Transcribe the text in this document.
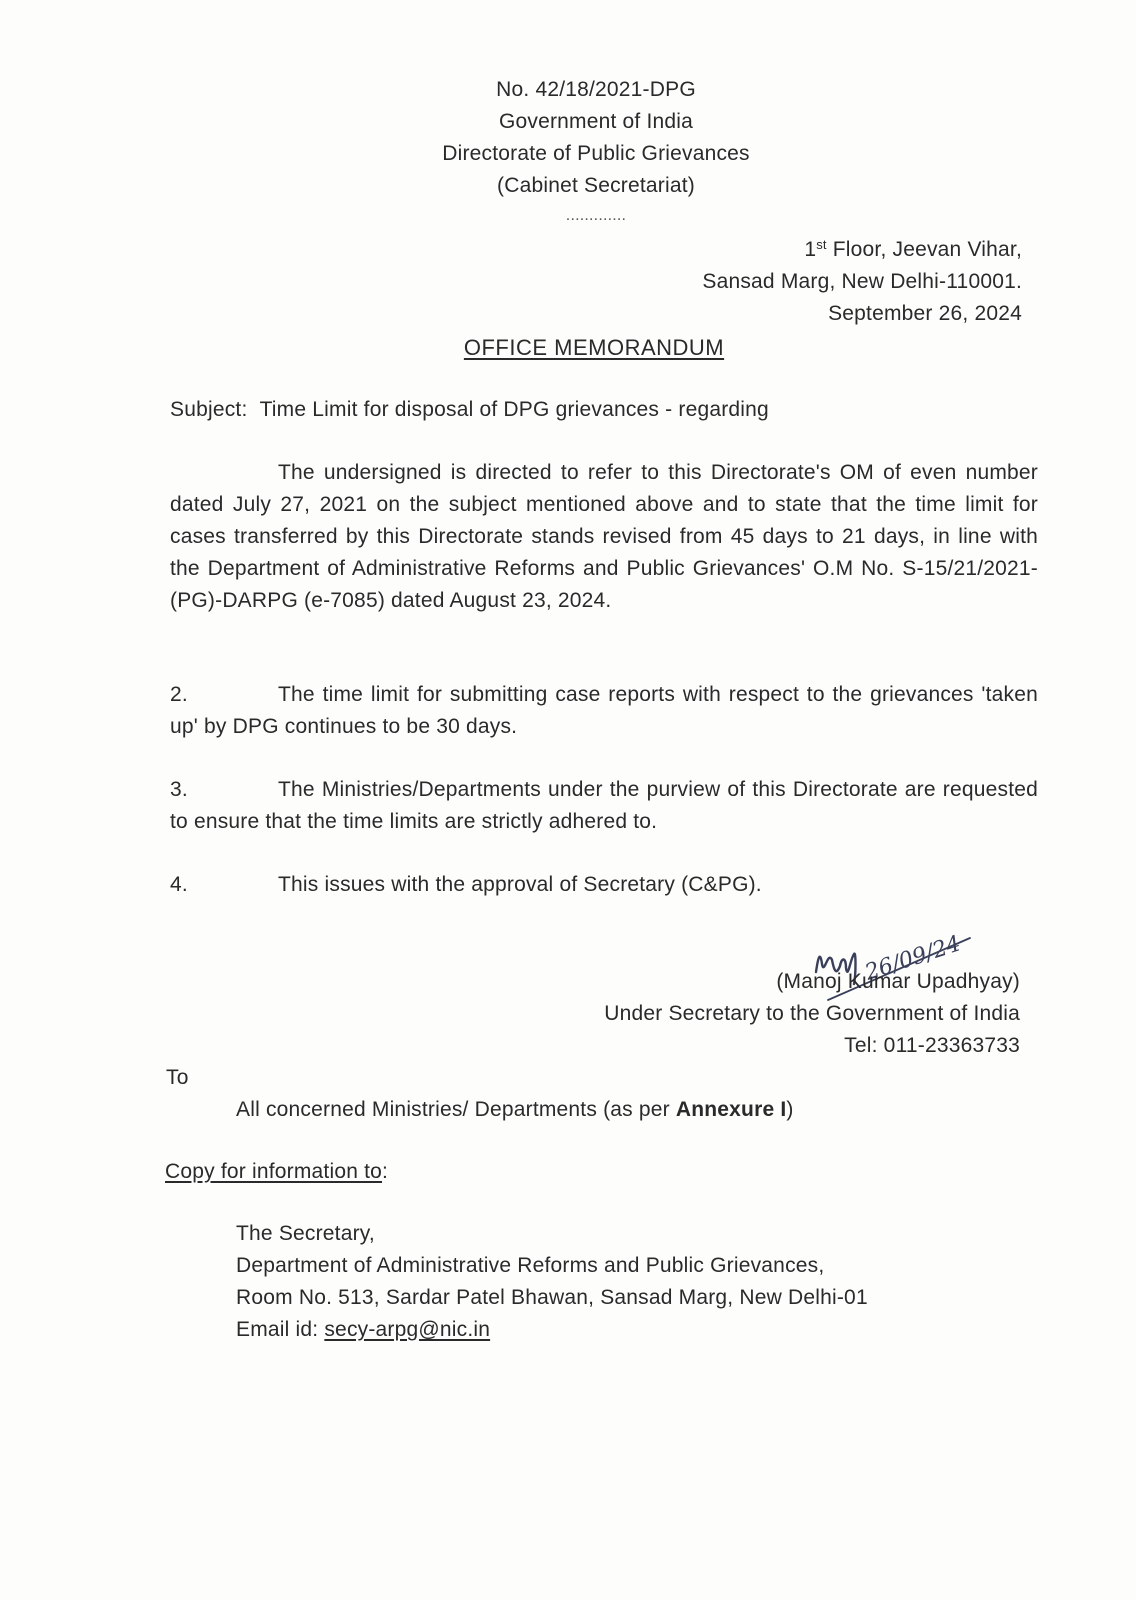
No. 42/18/2021-DPG
Government of India
Directorate of Public Grievances
(Cabinet Secretariat)
.............
1st Floor, Jeevan Vihar,
Sansad Marg, New Delhi-110001.
September 26, 2024
OFFICE MEMORANDUM
Subject: Time Limit for disposal of DPG grievances - regarding
The undersigned is directed to refer to this Directorate's OM of even number dated July 27, 2021 on the subject mentioned above and to state that the time limit for cases transferred by this Directorate stands revised from 45 days to 21 days, in line with the Department of Administrative Reforms and Public Grievances' O.M No. S-15/21/2021-(PG)-DARPG (e-7085) dated August 23, 2024.
2.	The time limit for submitting case reports with respect to the grievances 'taken up' by DPG continues to be 30 days.
3.	The Ministries/Departments under the purview of this Directorate are requested to ensure that the time limits are strictly adhered to.
4.	This issues with the approval of Secretary (C&PG).
26/09/24
(Manoj Kumar Upadhyay)
Under Secretary to the Government of India
Tel: 011-23363733
To
All concerned Ministries/ Departments (as per Annexure I)
Copy for information to:
The Secretary,
Department of Administrative Reforms and Public Grievances,
Room No. 513, Sardar Patel Bhawan, Sansad Marg, New Delhi-01
Email id: secy-arpg@nic.in
